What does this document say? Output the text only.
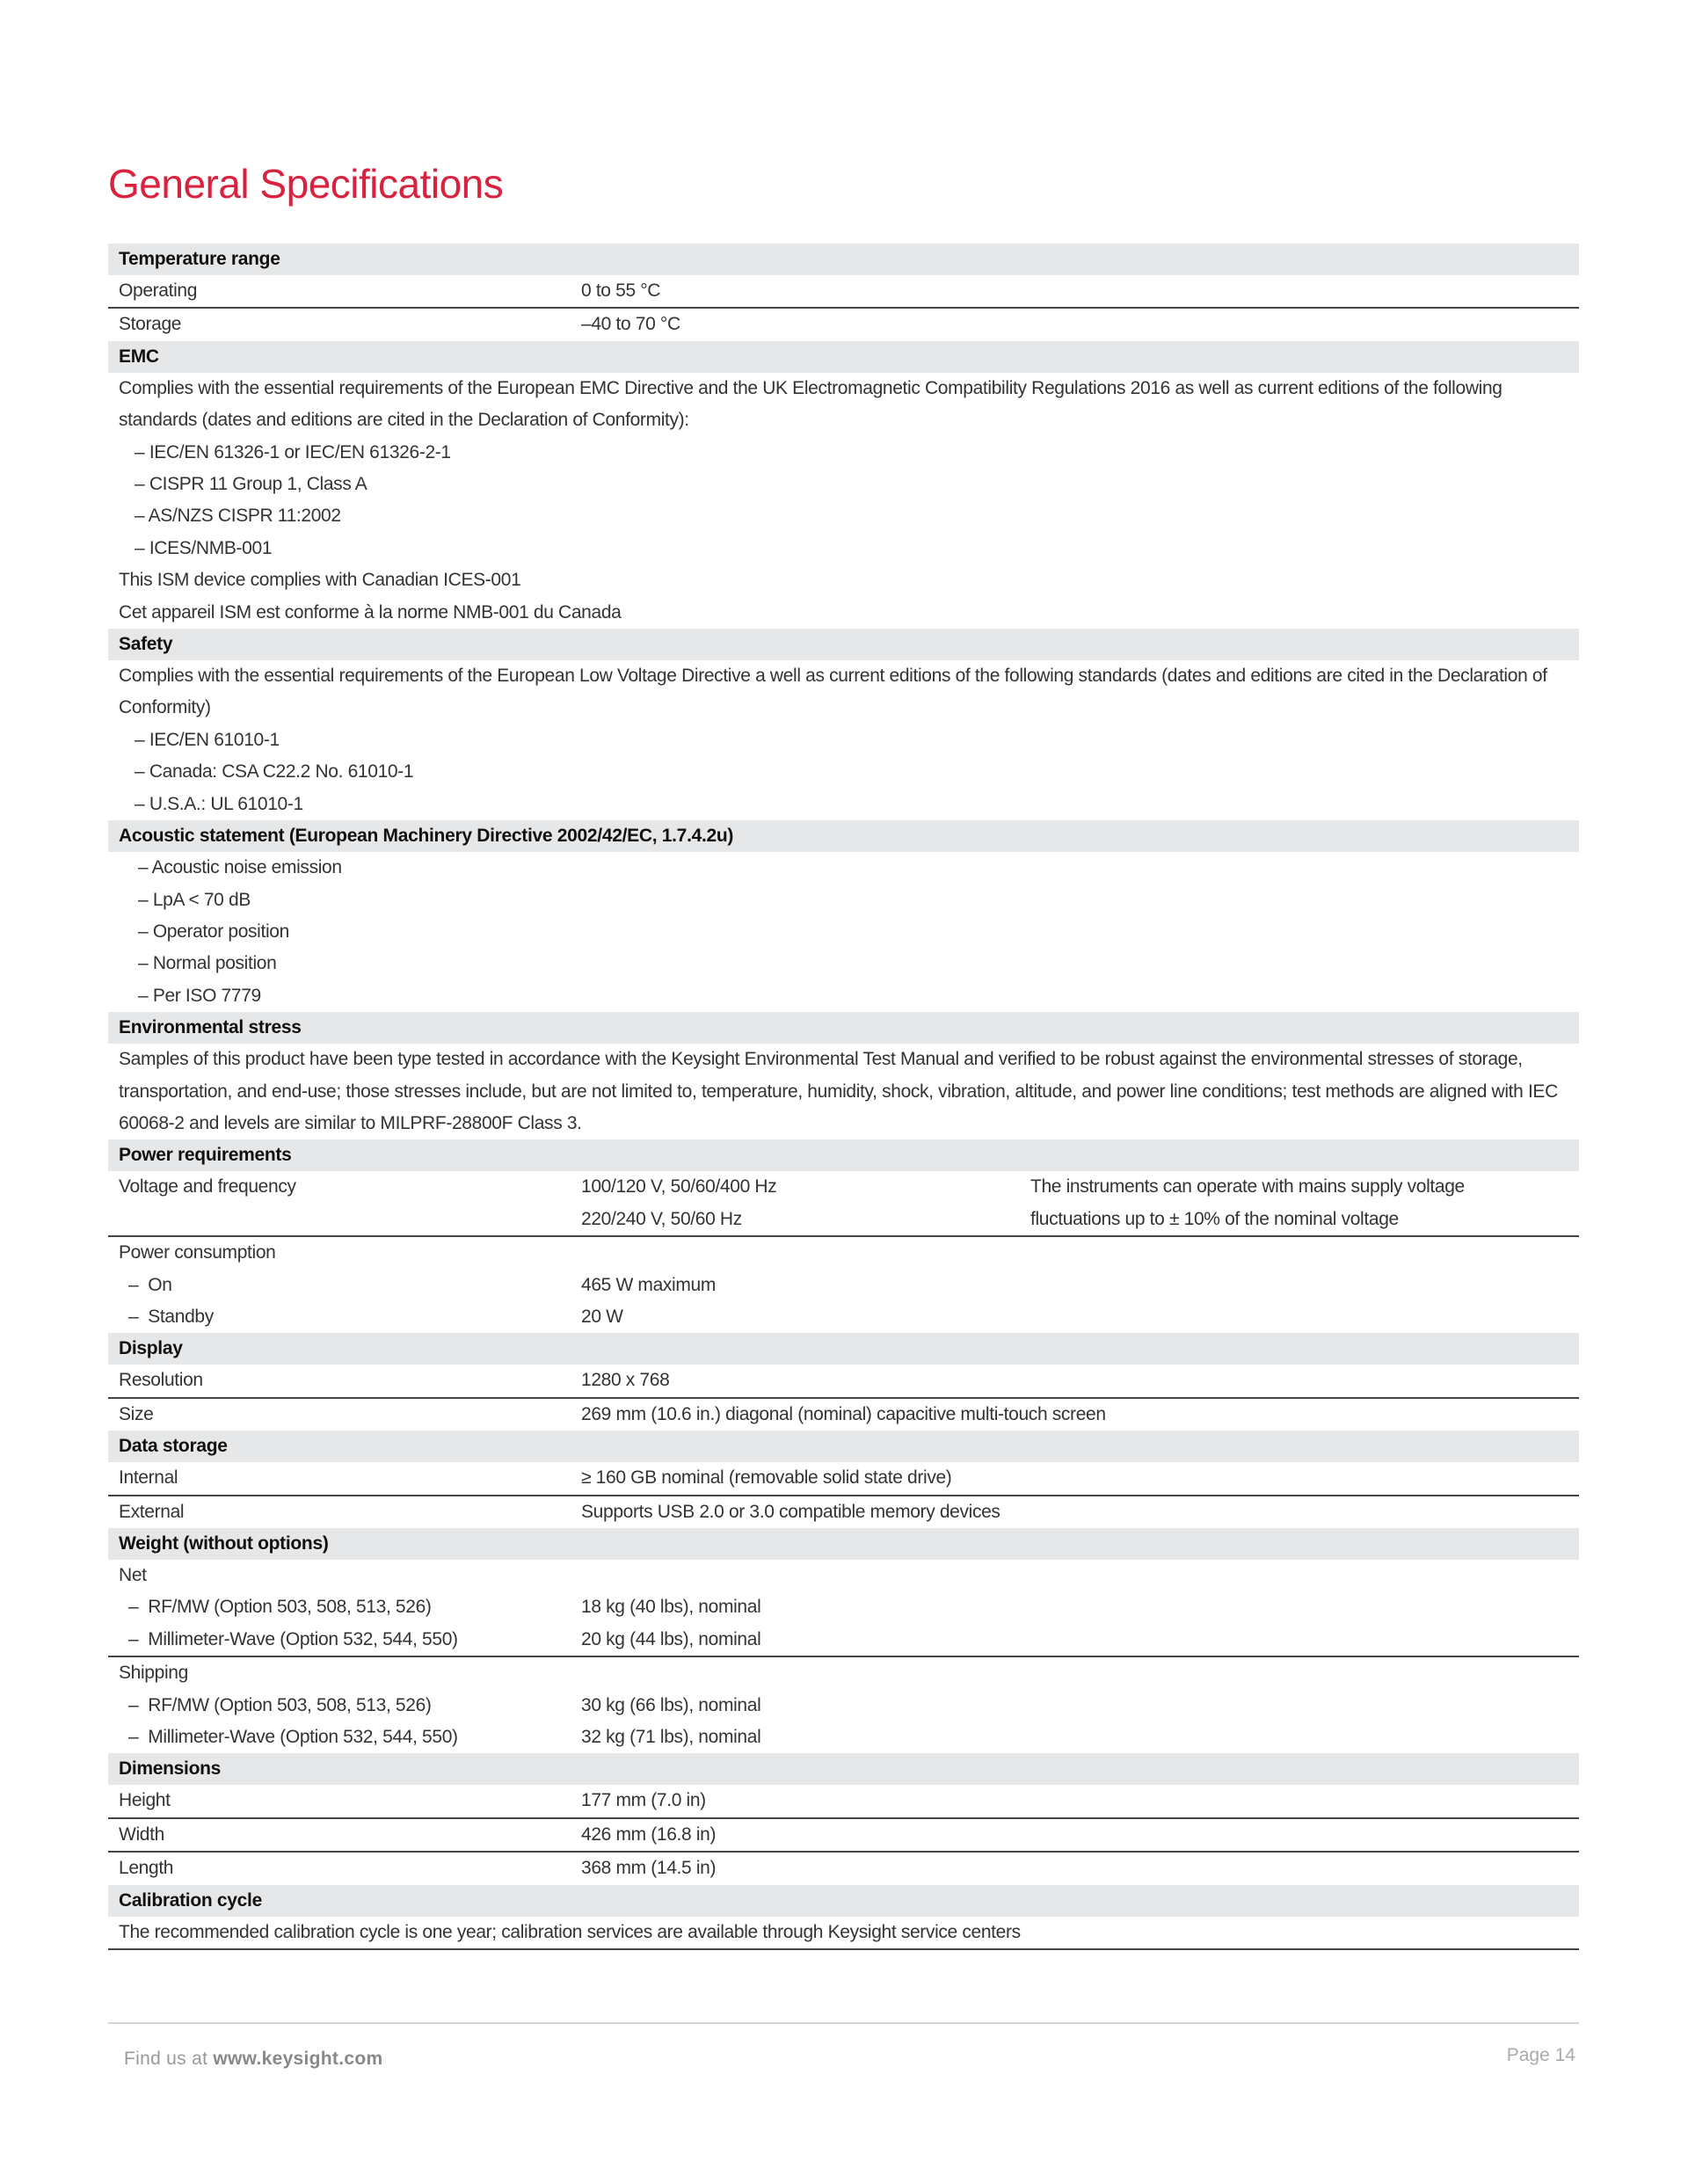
General Specifications
Temperature range
Operating	0 to 55 °C
Storage	–40 to 70 °C
EMC
Complies with the essential requirements of the European EMC Directive and the UK Electromagnetic Compatibility Regulations 2016 as well as current editions of the following standards (dates and editions are cited in the Declaration of Conformity):
– IEC/EN 61326-1 or IEC/EN 61326-2-1
– CISPR 11 Group 1, Class A
– AS/NZS CISPR 11:2002
– ICES/NMB-001
This ISM device complies with Canadian ICES-001
Cet appareil ISM est conforme à la norme NMB-001 du Canada
Safety
Complies with the essential requirements of the European Low Voltage Directive a well as current editions of the following standards (dates and editions are cited in the Declaration of Conformity)
– IEC/EN 61010-1
– Canada: CSA C22.2 No. 61010-1
– U.S.A.: UL 61010-1
Acoustic statement (European Machinery Directive 2002/42/EC, 1.7.4.2u)
– Acoustic noise emission
– LpA < 70 dB
– Operator position
– Normal position
– Per ISO 7779
Environmental stress
Samples of this product have been type tested in accordance with the Keysight Environmental Test Manual and verified to be robust against the environmental stresses of storage, transportation, and end-use; those stresses include, but are not limited to, temperature, humidity, shock, vibration, altitude, and power line conditions; test methods are aligned with IEC 60068-2 and levels are similar to MILPRF-28800F Class 3.
Power requirements
Voltage and frequency	100/120 V, 50/60/400 Hz	The instruments can operate with mains supply voltage
220/240 V, 50/60 Hz	fluctuations up to ± 10% of the nominal voltage
Power consumption
–  On	465 W maximum
–  Standby	20 W
Display
Resolution	1280 x 768
Size	269 mm (10.6 in.) diagonal (nominal) capacitive multi-touch screen
Data storage
Internal	≥ 160 GB nominal (removable solid state drive)
External	Supports USB 2.0 or 3.0 compatible memory devices
Weight (without options)
Net
–  RF/MW (Option 503, 508, 513, 526)	18 kg (40 lbs), nominal
–  Millimeter-Wave (Option 532, 544, 550)	20 kg (44 lbs), nominal
Shipping
–  RF/MW (Option 503, 508, 513, 526)	30 kg (66 lbs), nominal
–  Millimeter-Wave (Option 532, 544, 550)	32 kg (71 lbs), nominal
Dimensions
Height	177 mm (7.0 in)
Width	426 mm (16.8 in)
Length	368 mm (14.5 in)
Calibration cycle
The recommended calibration cycle is one year; calibration services are available through Keysight service centers
Find us at www.keysight.com	Page 14
